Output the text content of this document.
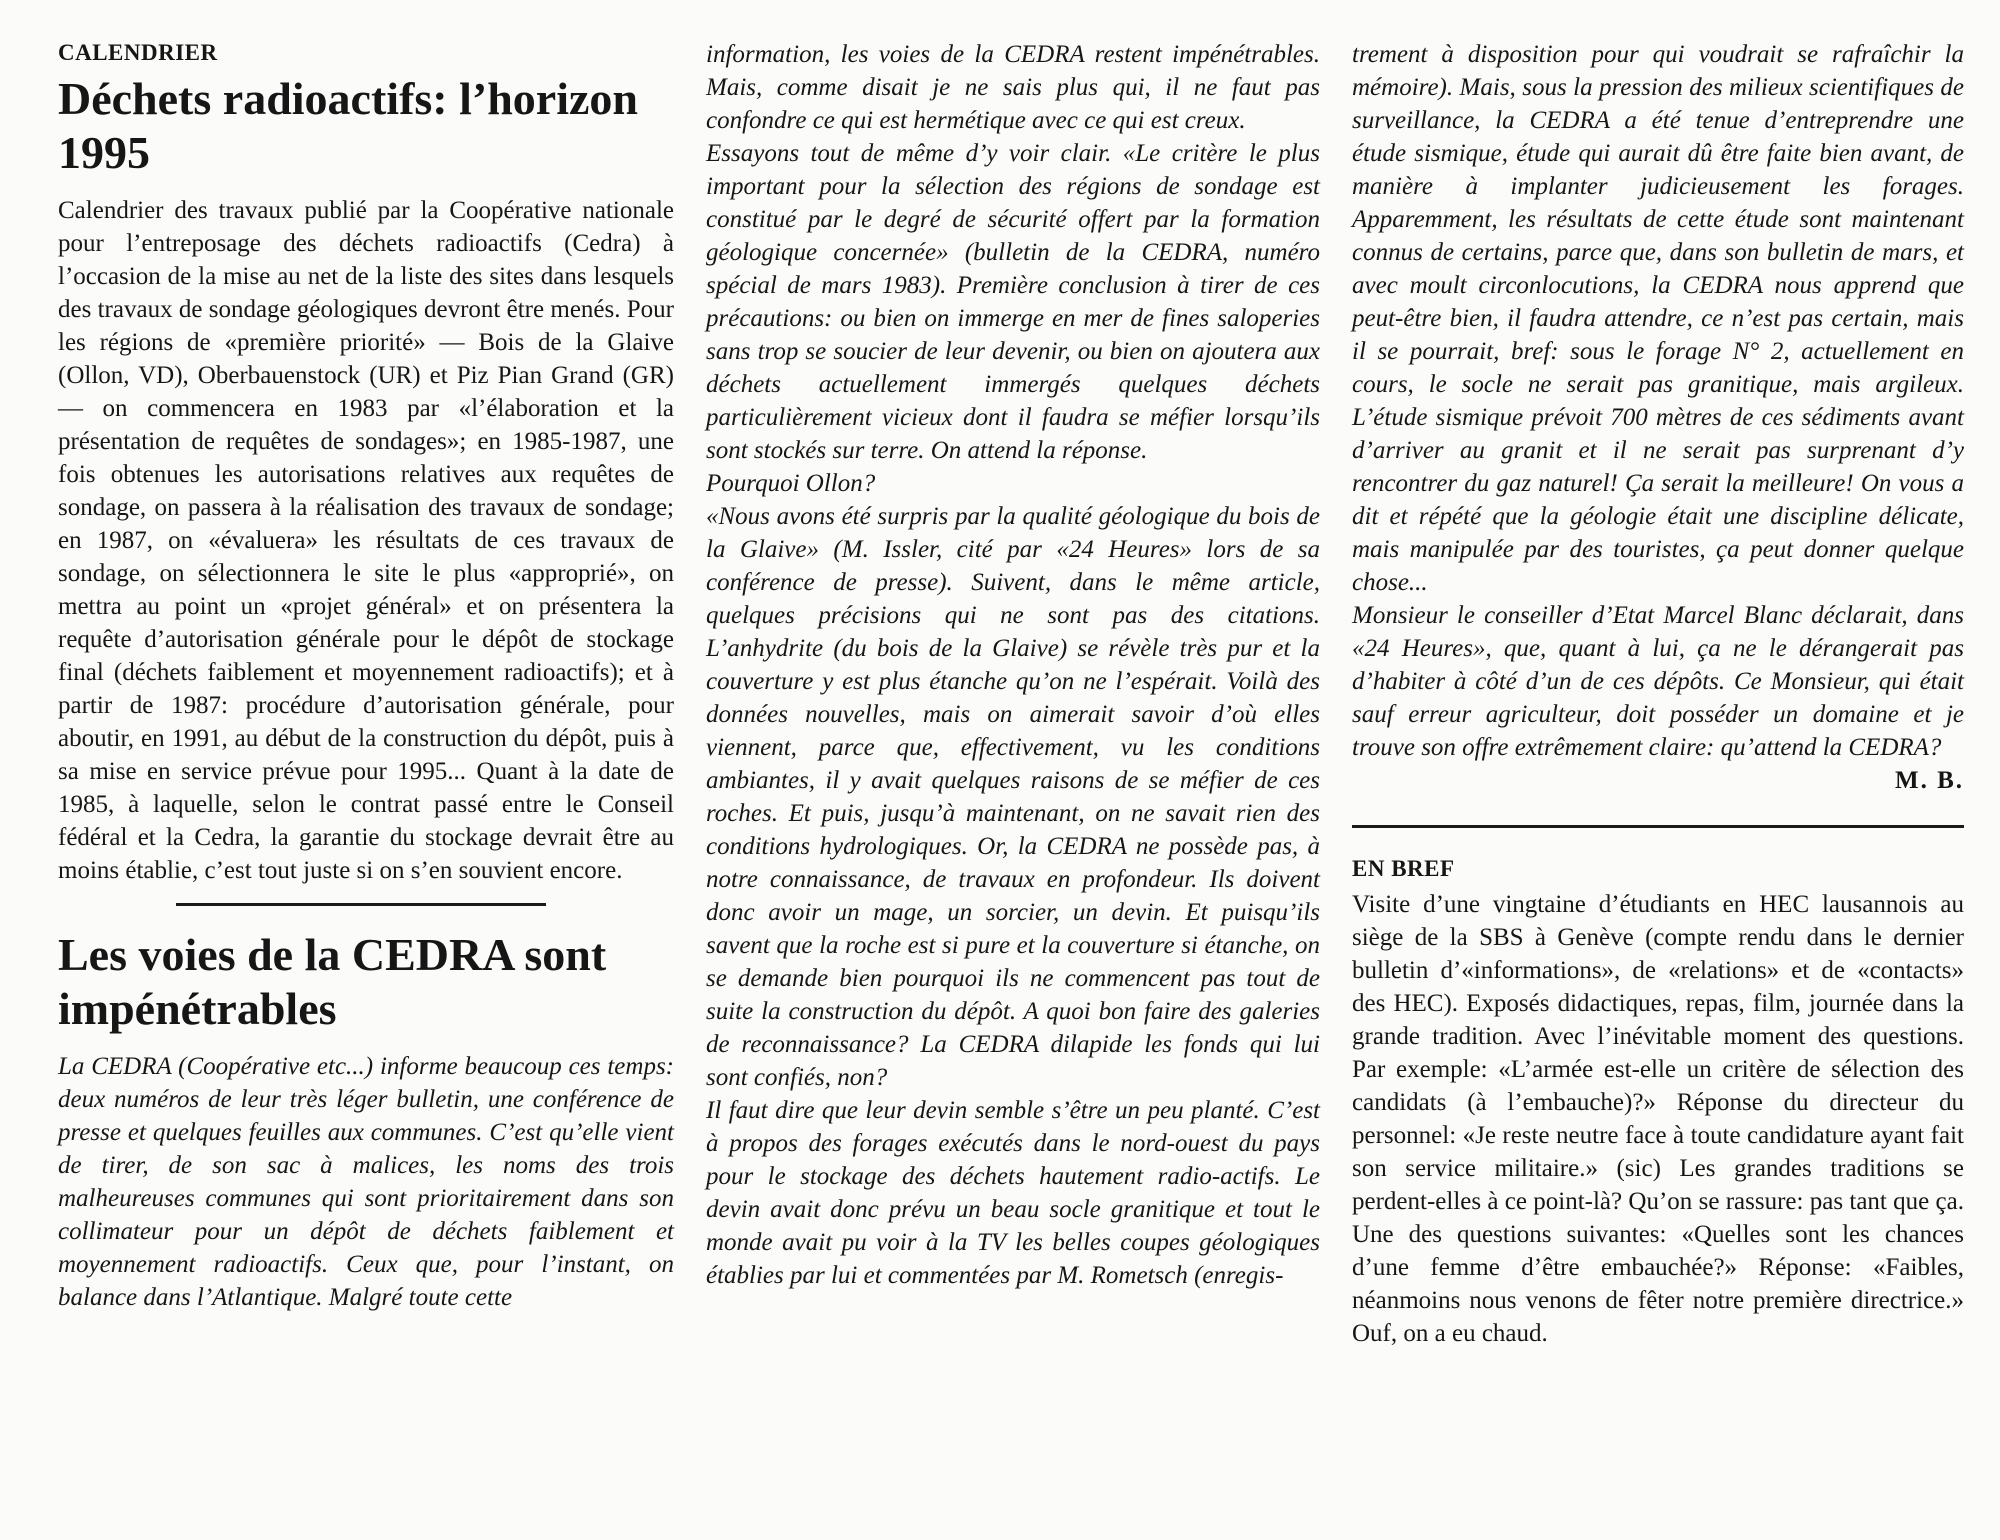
CALENDRIER
Déchets radioactifs: l’horizon 1995

Calendrier des travaux publié par la Coopérative nationale pour l’entreposage des déchets radioactifs (Cedra) à l’occasion de la mise au net de la liste des sites dans lesquels des travaux de sondage géologiques devront être menés. Pour les régions de «première priorité» — Bois de la Glaive (Ollon, VD), Oberbauenstock (UR) et Piz Pian Grand (GR) — on commencera en 1983 par «l’élaboration et la présentation de requêtes de sondages»; en 1985-1987, une fois obtenues les autorisations relatives aux requêtes de sondage, on passera à la réalisation des travaux de sondage; en 1987, on «évaluera» les résultats de ces travaux de sondage, on sélectionnera le site le plus «approprié», on mettra au point un «projet général» et on présentera la requête d’autorisation générale pour le dépôt de stockage final (déchets faiblement et moyennement radioactifs); et à partir de 1987: procédure d’autorisation générale, pour aboutir, en 1991, au début de la construction du dépôt, puis à sa mise en service prévue pour 1995... Quant à la date de 1985, à laquelle, selon le contrat passé entre le Conseil fédéral et la Cedra, la garantie du stockage devrait être au moins établie, c’est tout juste si on s’en souvient encore.

Les voies de la CEDRA sont impénétrables

La CEDRA (Coopérative etc...) informe beaucoup ces temps: deux numéros de leur très léger bulletin, une conférence de presse et quelques feuilles aux communes. C’est qu’elle vient de tirer, de son sac à malices, les noms des trois malheureuses communes qui sont prioritairement dans son collimateur pour un dépôt de déchets faiblement et moyennement radioactifs. Ceux que, pour l’instant, on balance dans l’Atlantique. Malgré toute cette

information, les voies de la CEDRA restent impénétrables. Mais, comme disait je ne sais plus qui, il ne faut pas confondre ce qui est hermétique avec ce qui est creux.

Essayons tout de même d’y voir clair. «Le critère le plus important pour la sélection des régions de sondage est constitué par le degré de sécurité offert par la formation géologique concernée» (bulletin de la CEDRA, numéro spécial de mars 1983). Première conclusion à tirer de ces précautions: ou bien on immerge en mer de fines saloperies sans trop se soucier de leur devenir, ou bien on ajoutera aux déchets actuellement immergés quelques déchets particulièrement vicieux dont il faudra se méfier lorsqu’ils sont stockés sur terre. On attend la réponse.

Pourquoi Ollon?

«Nous avons été surpris par la qualité géologique du bois de la Glaive» (M. Issler, cité par «24 Heures» lors de sa conférence de presse). Suivent, dans le même article, quelques précisions qui ne sont pas des citations. L’anhydrite (du bois de la Glaive) se révèle très pur et la couverture y est plus étanche qu’on ne l’espérait. Voilà des données nouvelles, mais on aimerait savoir d’où elles viennent, parce que, effectivement, vu les conditions ambiantes, il y avait quelques raisons de se méfier de ces roches. Et puis, jusqu’à maintenant, on ne savait rien des conditions hydrologiques. Or, la CEDRA ne possède pas, à notre connaissance, de travaux en profondeur. Ils doivent donc avoir un mage, un sorcier, un devin. Et puisqu’ils savent que la roche est si pure et la couverture si étanche, on se demande bien pourquoi ils ne commencent pas tout de suite la construction du dépôt. A quoi bon faire des galeries de reconnaissance? La CEDRA dilapide les fonds qui lui sont confiés, non?

Il faut dire que leur devin semble s’être un peu planté. C’est à propos des forages exécutés dans le nord-ouest du pays pour le stockage des déchets hautement radio-actifs. Le devin avait donc prévu un beau socle granitique et tout le monde avait pu voir à la TV les belles coupes géologiques établies par lui et commentées par M. Rometsch (enregis-

trement à disposition pour qui voudrait se rafraîchir la mémoire). Mais, sous la pression des milieux scientifiques de surveillance, la CEDRA a été tenue d’entreprendre une étude sismique, étude qui aurait dû être faite bien avant, de manière à implanter judicieusement les forages. Apparemment, les résultats de cette étude sont maintenant connus de certains, parce que, dans son bulletin de mars, et avec moult circonlocutions, la CEDRA nous apprend que peut-être bien, il faudra attendre, ce n’est pas certain, mais il se pourrait, bref: sous le forage N° 2, actuellement en cours, le socle ne serait pas granitique, mais argileux. L’étude sismique prévoit 700 mètres de ces sédiments avant d’arriver au granit et il ne serait pas surprenant d’y rencontrer du gaz naturel! Ça serait la meilleure! On vous a dit et répété que la géologie était une discipline délicate, mais manipulée par des touristes, ça peut donner quelque chose...

Monsieur le conseiller d’Etat Marcel Blanc déclarait, dans «24 Heures», que, quant à lui, ça ne le dérangerait pas d’habiter à côté d’un de ces dépôts. Ce Monsieur, qui était sauf erreur agriculteur, doit posséder un domaine et je trouve son offre extrêmement claire: qu’attend la CEDRA?
M. B.

EN BREF

Visite d’une vingtaine d’étudiants en HEC lausannois au siège de la SBS à Genève (compte rendu dans le dernier bulletin d’«informations», de «relations» et de «contacts» des HEC). Exposés didactiques, repas, film, journée dans la grande tradition. Avec l’inévitable moment des questions. Par exemple: «L’armée est-elle un critère de sélection des candidats (à l’embauche)?» Réponse du directeur du personnel: «Je reste neutre face à toute candidature ayant fait son service militaire.» (sic) Les grandes traditions se perdent-elles à ce point-là? Qu’on se rassure: pas tant que ça. Une des questions suivantes: «Quelles sont les chances d’une femme d’être embauchée?» Réponse: «Faibles, néanmoins nous venons de fêter notre première directrice.» Ouf, on a eu chaud.
